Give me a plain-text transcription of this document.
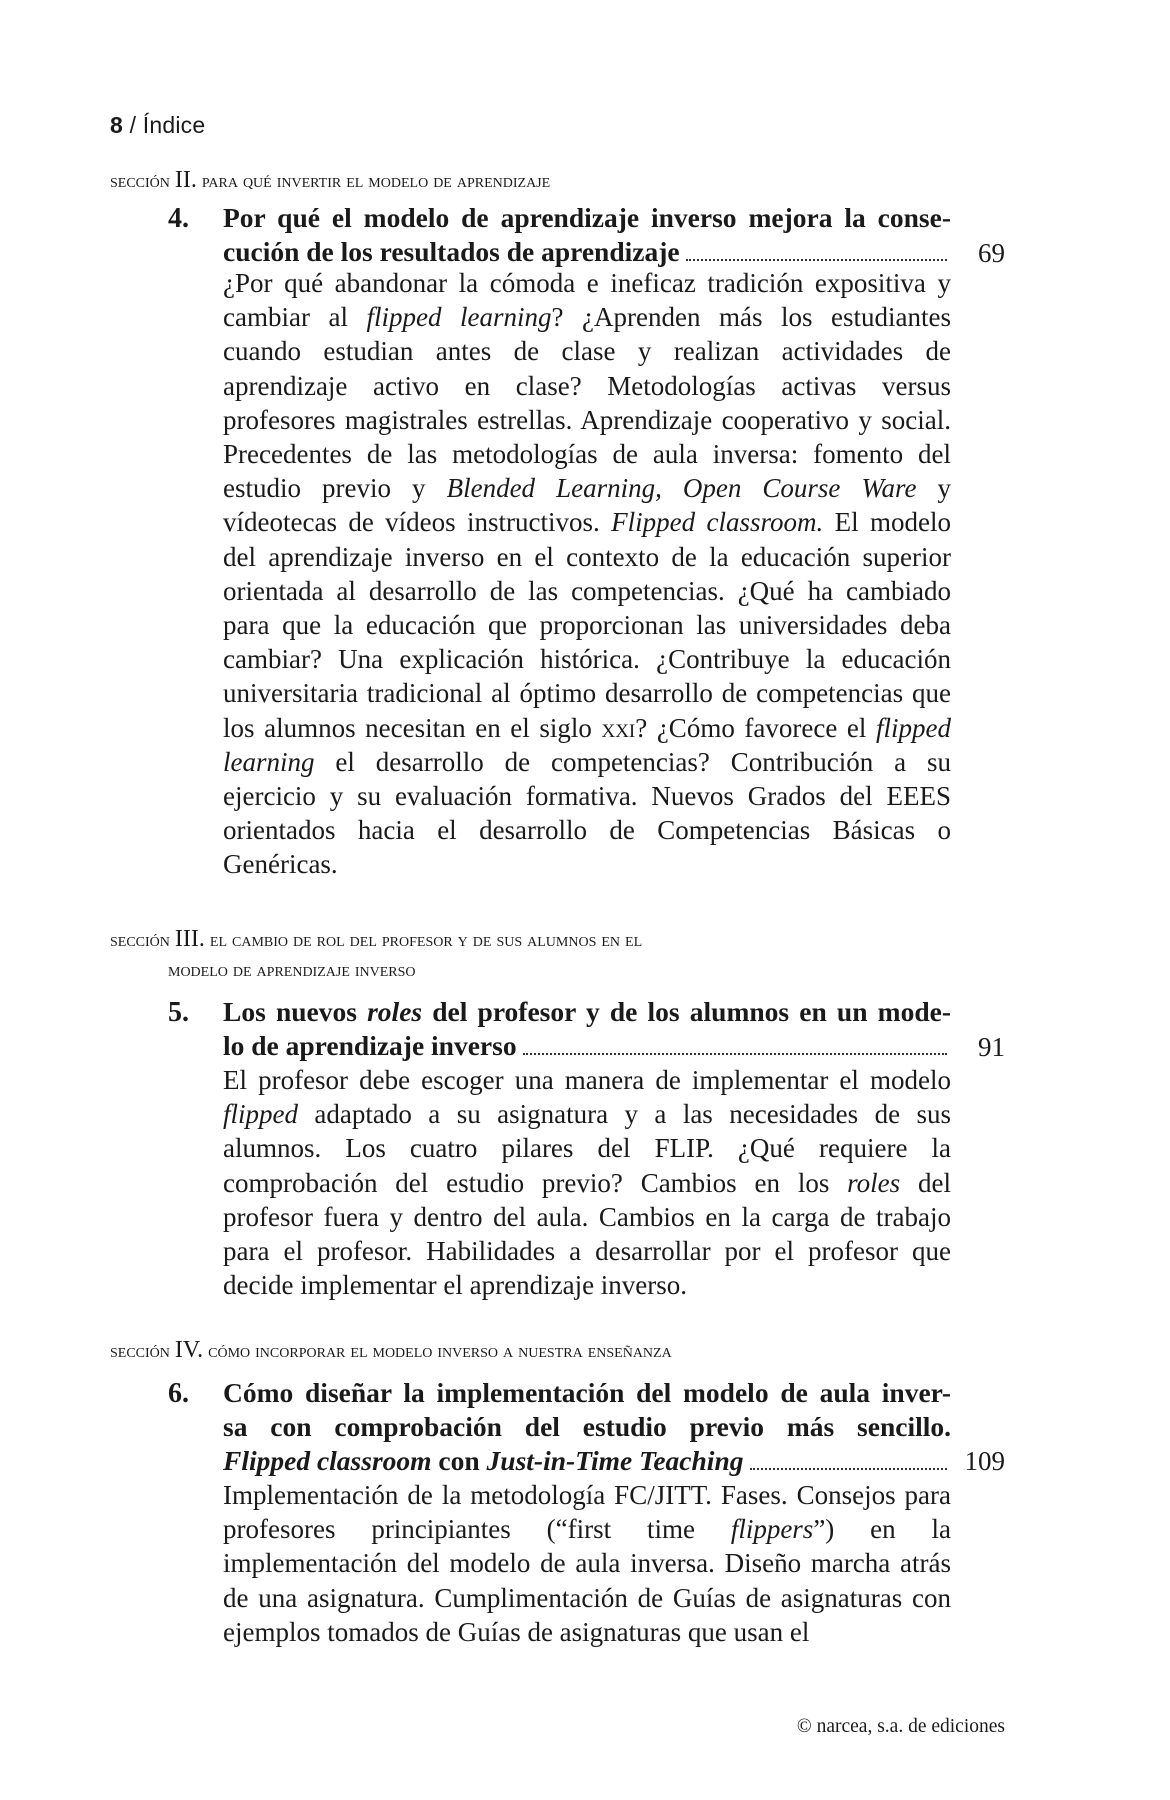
8 / Índice
sección II. para qué invertir el modelo de aprendizaje
4. Por qué el modelo de aprendizaje inverso mejora la conse-
cución de los resultados de aprendizaje	69
¿Por qué abandonar la cómoda e ineficaz tradición expositiva y cambiar al flipped learning? ¿Aprenden más los estudiantes cuando estudian antes de clase y realizan actividades de aprendizaje activo en clase? Metodologías activas versus profesores magistrales estrellas. Aprendizaje cooperativo y social. Precedentes de las metodologías de aula inversa: fomento del estudio previo y Blended Learning, Open Course Ware y vídeotecas de vídeos instructivos. Flipped classroom. El modelo del aprendizaje inverso en el contexto de la educación superior orientada al desarrollo de las competencias. ¿Qué ha cambiado para que la educación que proporcionan las universidades deba cambiar? Una explicación histórica. ¿Contribuye la educación universitaria tradicional al óptimo desarrollo de competencias que los alumnos necesitan en el siglo xxi? ¿Cómo favorece el flipped learning el desarrollo de competencias? Contribución a su ejercicio y su evaluación formativa. Nuevos Grados del EEES orientados hacia el desarrollo de Competencias Básicas o Genéricas.
sección III. el cambio de rol del profesor y de sus alumnos en el
modelo de aprendizaje inverso
5. Los nuevos roles del profesor y de los alumnos en un mode-
lo de aprendizaje inverso	91
El profesor debe escoger una manera de implementar el modelo flipped adaptado a su asignatura y a las necesidades de sus alumnos. Los cuatro pilares del FLIP. ¿Qué requiere la comprobación del estudio previo? Cambios en los roles del profesor fuera y dentro del aula. Cambios en la carga de trabajo para el profesor. Habilidades a desarrollar por el profesor que decide implementar el aprendizaje inverso.
sección IV. cómo incorporar el modelo inverso a nuestra enseñanza
6. Cómo diseñar la implementación del modelo de aula inver-
sa con comprobación del estudio previo más sencillo.
Flipped classroom con Just-in-Time Teaching	109
Implementación de la metodología FC/JITT. Fases. Consejos para profesores principiantes (“first time flippers”) en la implementación del modelo de aula inversa. Diseño marcha atrás de una asignatura. Cumplimentación de Guías de asignaturas con ejemplos tomados de Guías de asignaturas que usan el
© narcea, s.a. de ediciones
